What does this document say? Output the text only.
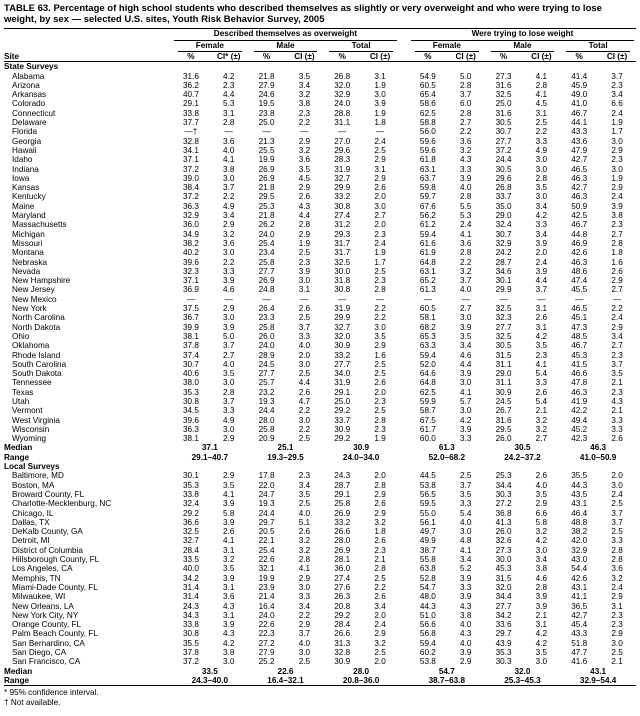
TABLE 63. Percentage of high school students who described themselves as slightly or very overweight and who were trying to lose weight, by sex — selected U.S. sites, Youth Risk Behavior Survey, 2005

	Described themselves as overweight							Were trying to lose weight					

	Female		Male		Total			Female		Male		Total	

Site	%	CI* (±)	%	CI (±)	%	CI (±)		%	CI (±)	%	CI (±)	%	CI (±)
State Surveys													
Alabama	31.6	4.2	21.8	3.5	26.8	3.1		54.9	5.0	27.3	4.1	41.4	3.7
Arizona	36.2	2.3	27.9	3.4	32.0	1.9		60.5	2.8	31.6	2.8	45.9	2.3
Arkansas	40.7	4.4	24.6	3.2	32.9	3.0		65.4	3.7	32.5	4.1	49.0	3.4
Colorado	29.1	5.3	19.5	3.8	24.0	3.9		58.6	6.0	25.0	4.5	41.0	6.6
Connecticut	33.8	3.1	23.8	2.3	28.8	1.9		62.5	2.8	31.6	3.1	46.7	2.4
Delaware	37.7	2.8	25.0	2.2	31.1	1.8		58.8	2.7	30.5	2.5	44.1	1.9
Florida	—†	—	—	—	—	—		56.0	2.2	30.7	2.2	43.3	1.7
Georgia	32.8	3.6	21.3	2.9	27.0	2.4		59.6	3.6	27.7	3.3	43.6	3.0
Hawaii	34.1	4.0	25.5	3.2	29.6	2.5		59.6	3.2	37.2	4.9	47.9	2.9
Idaho	37.1	4.1	19.9	3.6	28.3	2.9		61.8	4.3	24.4	3.0	42.7	2.3
Indiana	37.2	3.8	26.9	3.5	31.9	3.1		63.1	3.3	30.5	3.0	46.5	3.0
Iowa	39.0	3.0	26.9	4.5	32.7	2.9		63.7	3.9	29.6	2.8	46.3	1.9
Kansas	38.4	3.7	21.8	2.9	29.9	2.6		59.8	4.0	26.8	3.5	42.7	2.9
Kentucky	37.2	2.2	29.5	2.6	33.2	2.0		59.7	2.8	33.7	3.0	46.3	2.4
Maine	36.3	4.9	25.3	4.3	30.8	3.0		67.6	5.5	35.0	3.4	50.9	3.9
Maryland	32.9	3.4	21.8	4.4	27.4	2.7		56.2	5.3	29.0	4.2	42.5	3.8
Massachusetts	36.0	2.9	26.2	2.8	31.2	2.0		61.2	2.4	32.4	3.3	46.7	2.3
Michigan	34.9	3.2	24.0	2.9	29.3	2.3		59.4	4.1	30.7	3.4	44.8	2.7
Missouri	38.2	3.6	25.4	1.9	31.7	2.4		61.6	3.6	32.9	3.9	46.9	2.8
Montana	40.2	3.0	23.4	2.5	31.7	1.9		61.9	2.8	24.2	2.0	42.6	1.8
Nebraska	39.6	2.2	25.8	2.3	32.5	1.7		64.8	2.2	28.7	2.4	46.3	1.6
Nevada	32.3	3.3	27.7	3.9	30.0	2.5		63.1	3.2	34.6	3.9	48.6	2.6
New Hampshire	37.1	3.9	26.9	3.0	31.8	2.3		65.2	3.7	30.1	4.4	47.4	2.9
New Jersey	36.9	4.6	24.8	3.1	30.8	2.8		61.3	4.0	29.9	3.7	45.5	2.7
New Mexico	—	—	—	—	—	—		—	—	—	—	—	—
New York	37.5	2.9	26.4	2.6	31.9	2.2		60.5	2.7	32.5	3.1	46.5	2.2
North Carolina	36.7	3.0	23.3	2.5	29.9	2.2		58.1	3.0	32.3	2.6	45.1	2.4
North Dakota	39.9	3.9	25.8	3.7	32.7	3.0		68.2	3.9	27.7	3.1	47.3	2.9
Ohio	38.1	5.0	26.0	3.3	32.0	3.5		65.3	3.5	32.5	4.2	48.5	3.4
Oklahoma	37.8	3.7	24.0	4.0	30.9	2.9		63.3	3.4	30.5	3.5	46.7	2.7
Rhode Island	37.4	2.7	28.9	2.0	33.2	1.6		59.4	4.6	31.5	2.3	45.3	2.3
South Carolina	30.7	4.0	24.5	3.0	27.7	2.5		52.0	4.4	31.1	4.1	41.5	3.7
South Dakota	40.6	3.5	27.7	2.5	34.0	2.5		64.6	3.9	29.0	5.4	46.6	3.5
Tennessee	38.0	3.0	25.7	4.4	31.9	2.6		64.8	3.0	31.1	3.3	47.8	2.1
Texas	35.3	2.8	23.2	2.6	29.1	2.0		62.5	4.1	30.9	2.6	46.3	2.3
Utah	30.8	3.7	19.3	4.7	25.0	2.3		59.9	5.7	24.5	5.4	41.9	4.3
Vermont	34.5	3.3	24.4	2.2	29.2	2.5		58.7	3.0	26.7	2.1	42.2	2.1
West Virginia	39.6	4.9	28.0	3.0	33.7	2.8		67.5	4.2	31.6	3.2	49.4	3.3
Wisconsin	36.3	3.0	25.8	2.2	30.9	2.3		61.7	3.9	29.5	3.2	45.2	3.3
Wyoming	38.1	2.9	20.9	2.5	29.2	1.9		60.0	3.3	26.0	2.7	42.3	2.6
Median	37.1		25.1		30.9			61.3		30.5		46.3	
Range	29.1–40.7		19.3–29.5		24.0–34.0			52.0–68.2		24.2–37.2		41.0–50.9	
Local Surveys													
Baltimore, MD	30.1	2.9	17.8	2.3	24.3	2.0		44.5	2.5	25.3	2.6	35.5	2.0
Boston, MA	35.3	3.5	22.0	3.4	28.7	2.8		53.8	3.7	34.4	4.0	44.3	3.0
Broward County, FL	33.8	4.1	24.7	3.5	29.1	2.9		56.5	3.5	30.3	3.5	43.5	2.4
Charlotte-Mecklenburg, NC	32.4	3.9	19.3	2.5	25.8	2.6		59.5	3.3	27.2	2.9	43.1	2.5
Chicago, IL	29.2	5.8	24.4	4.0	26.9	2.9		55.0	5.4	36.8	6.6	46.4	3.7
Dallas, TX	36.6	3.9	29.7	5.1	33.2	3.2		56.1	4.0	41.3	5.8	48.8	3.7
DeKalb County, GA	32.5	2.6	20.5	2.6	26.6	1.8		49.7	3.0	26.0	3.2	38.2	2.5
Detroit, MI	32.7	4.1	22.1	3.2	28.0	2.6		49.9	4.8	32.6	4.2	42.0	3.3
District of Columbia	28.4	3.1	25.4	3.2	26.9	2.3		38.7	4.1	27.3	3.0	32.9	2.8
Hillsborough County, FL	33.5	3.2	22.6	2.8	28.1	2.1		55.8	3.4	30.0	3.4	43.0	2.8
Los Angeles, CA	40.0	3.5	32.1	4.1	36.0	2.8		63.8	5.2	45.3	3.8	54.4	3.6
Memphis, TN	34.2	3.9	19.9	2.9	27.4	2.5		52.8	3.9	31.5	4.6	42.6	3.2
Miami-Dade County, FL	31.4	3.1	23.9	3.0	27.6	2.2		54.7	3.3	32.0	2.8	43.1	2.4
Milwaukee, WI	31.4	3.6	21.4	3.3	26.3	2.6		48.0	3.9	34.4	3.9	41.1	2.9
New Orleans, LA	24.3	4.3	16.4	3.4	20.8	3.4		44.3	4.3	27.7	3.9	36.5	3.1
New York City, NY	34.3	3.1	24.0	2.2	29.2	2.0		51.0	3.8	34.2	2.1	42.7	2.3
Orange County, FL	33.8	3.9	22.6	2.9	28.4	2.4		56.6	4.0	33.6	3.1	45.4	2.3
Palm Beach County, FL	30.8	4.3	22.3	3.7	26.6	2.9		56.8	4.3	29.7	4.2	43.3	2.9
San Bernardino, CA	35.5	4.2	27.2	4.0	31.3	3.2		59.4	4.0	43.9	4.2	51.8	3.0
San Diego, CA	37.8	3.8	27.9	3.0	32.8	2.5		60.2	3.9	35.3	3.5	47.7	2.5
San Francisco, CA	37.2	3.0	25.2	2.5	30.9	2.0		53.8	2.9	30.3	3.0	41.6	2.1
Median	33.5		22.6		28.0			54.7		32.0		43.1	
Range	24.3–40.0		16.4–32.1		20.8–36.0			38.7–63.8		25.3–45.3		32.9–54.4	
* 95% confidence interval.
† Not available.
